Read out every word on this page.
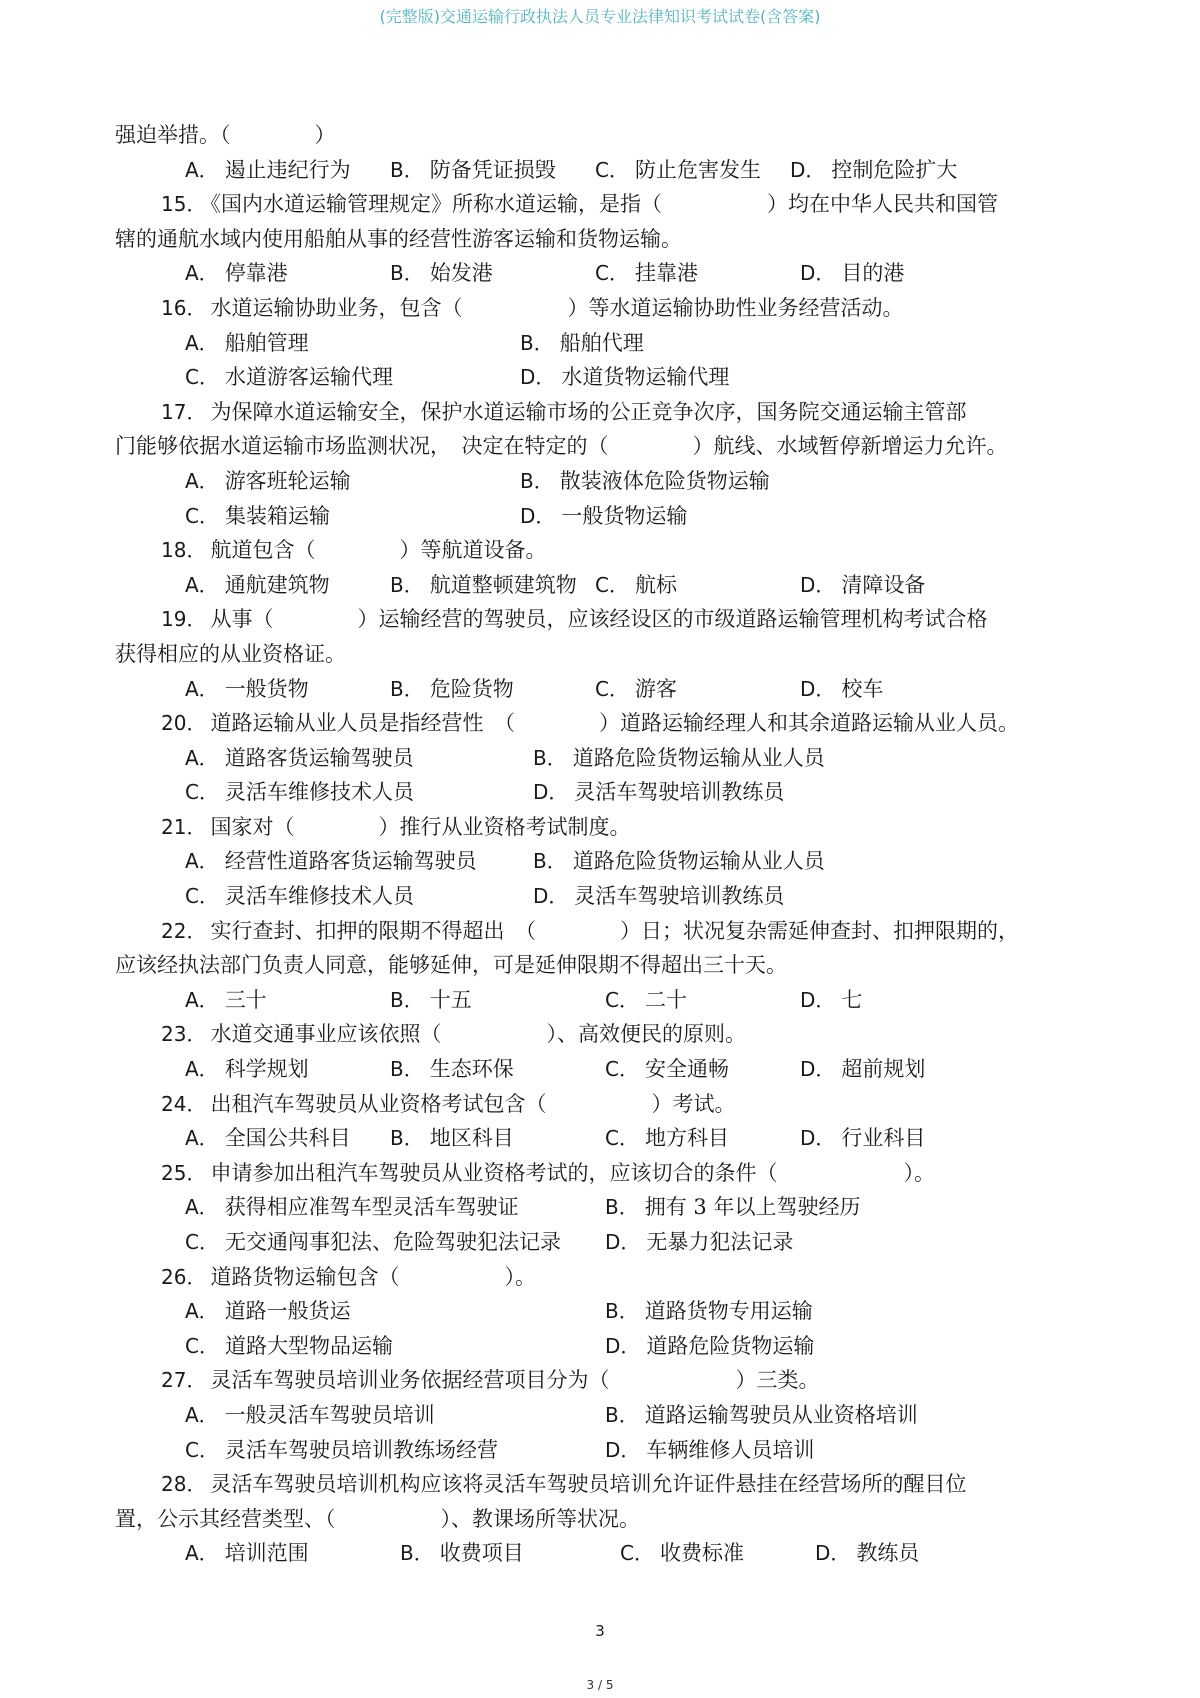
(完整版)交通运输行政执法人员专业法律知识考试试卷(含答案)
强迫举措。（　　　　）
A． 遏止违纪行为 B． 防备凭证损毁 C． 防止危害发生 D． 控制危险扩大
15． 《国内水道运输管理规定》所称水道运输，是指（　　　　　）均在中华人民共和国管
辖的通航水域内使用船舶从事的经营性游客运输和货物运输。
A． 停靠港	B． 始发港	C． 挂靠港	D． 目的港
16． 水道运输协助业务，包含（　　　　　）等水道运输协助性业务经营活动。
A． 船舶管理	B． 船舶代理
C． 水道游客运输代理	D． 水道货物运输代理
17． 为保障水道运输安全，保护水道运输市场的公正竞争次序，国务院交通运输主管部
门能够依据水道运输市场监测状况，　决定在特定的（　　　　）航线、水域暂停新增运力允许。
A． 游客班轮运输	B． 散装液体危险货物运输
C． 集装箱运输	D． 一般货物运输
18． 航道包含（　　　　）等航道设备。
A． 通航建筑物	B． 航道整顿建筑物 C． 航标	D． 清障设备
19． 从事（　　　　）运输经营的驾驶员，应该经设区的市级道路运输管理机构考试合格
获得相应的从业资格证。
A． 一般货物	B． 危险货物	C． 游客	D． 校车
20． 道路运输从业人员是指经营性　（　　　　）道路运输经理人和其余道路运输从业人员。
A． 道路客货运输驾驶员	B． 道路危险货物运输从业人员
C． 灵活车维修技术人员	D． 灵活车驾驶培训教练员
21． 国家对（　　　　）推行从业资格考试制度。
A． 经营性道路客货运输驾驶员	B． 道路危险货物运输从业人员
C． 灵活车维修技术人员	D． 灵活车驾驶培训教练员
22． 实行查封、扣押的限期不得超出　（　　　　）日；状况复杂需延伸查封、扣押限期的，
应该经执法部门负责人同意，能够延伸，可是延伸限期不得超出三十天。
A． 三十	B． 十五	C． 二十	D． 七
23． 水道交通事业应该依照（　　　　　）、高效便民的原则。
A． 科学规划	B． 生态环保	C． 安全通畅	D． 超前规划
24． 出租汽车驾驶员从业资格考试包含（　　　　　）考试。
A． 全国公共科目 B． 地区科目	C． 地方科目	D． 行业科目
25． 申请参加出租汽车驾驶员从业资格考试的，应该切合的条件（　　　　　　）。
A． 获得相应准驾车型灵活车驾驶证	B． 拥有 3 年以上驾驶经历
C． 无交通闯事犯法、危险驾驶犯法记录 D． 无暴力犯法记录
26． 道路货物运输包含（　　　　　）。
A． 道路一般货运	B． 道路货物专用运输
C． 道路大型物品运输	D． 道路危险货物运输
27． 灵活车驾驶员培训业务依据经营项目分为（　　　　　　）三类。
A． 一般灵活车驾驶员培训	B． 道路运输驾驶员从业资格培训
C． 灵活车驾驶员培训教练场经营	D． 车辆维修人员培训
28． 灵活车驾驶员培训机构应该将灵活车驾驶员培训允许证件悬挂在经营场所的醒目位
置，公示其经营类型、（　　　　　）、教课场所等状况。
A． 培训范围	B． 收费项目	C． 收费标准	D． 教练员
3
3 / 5
